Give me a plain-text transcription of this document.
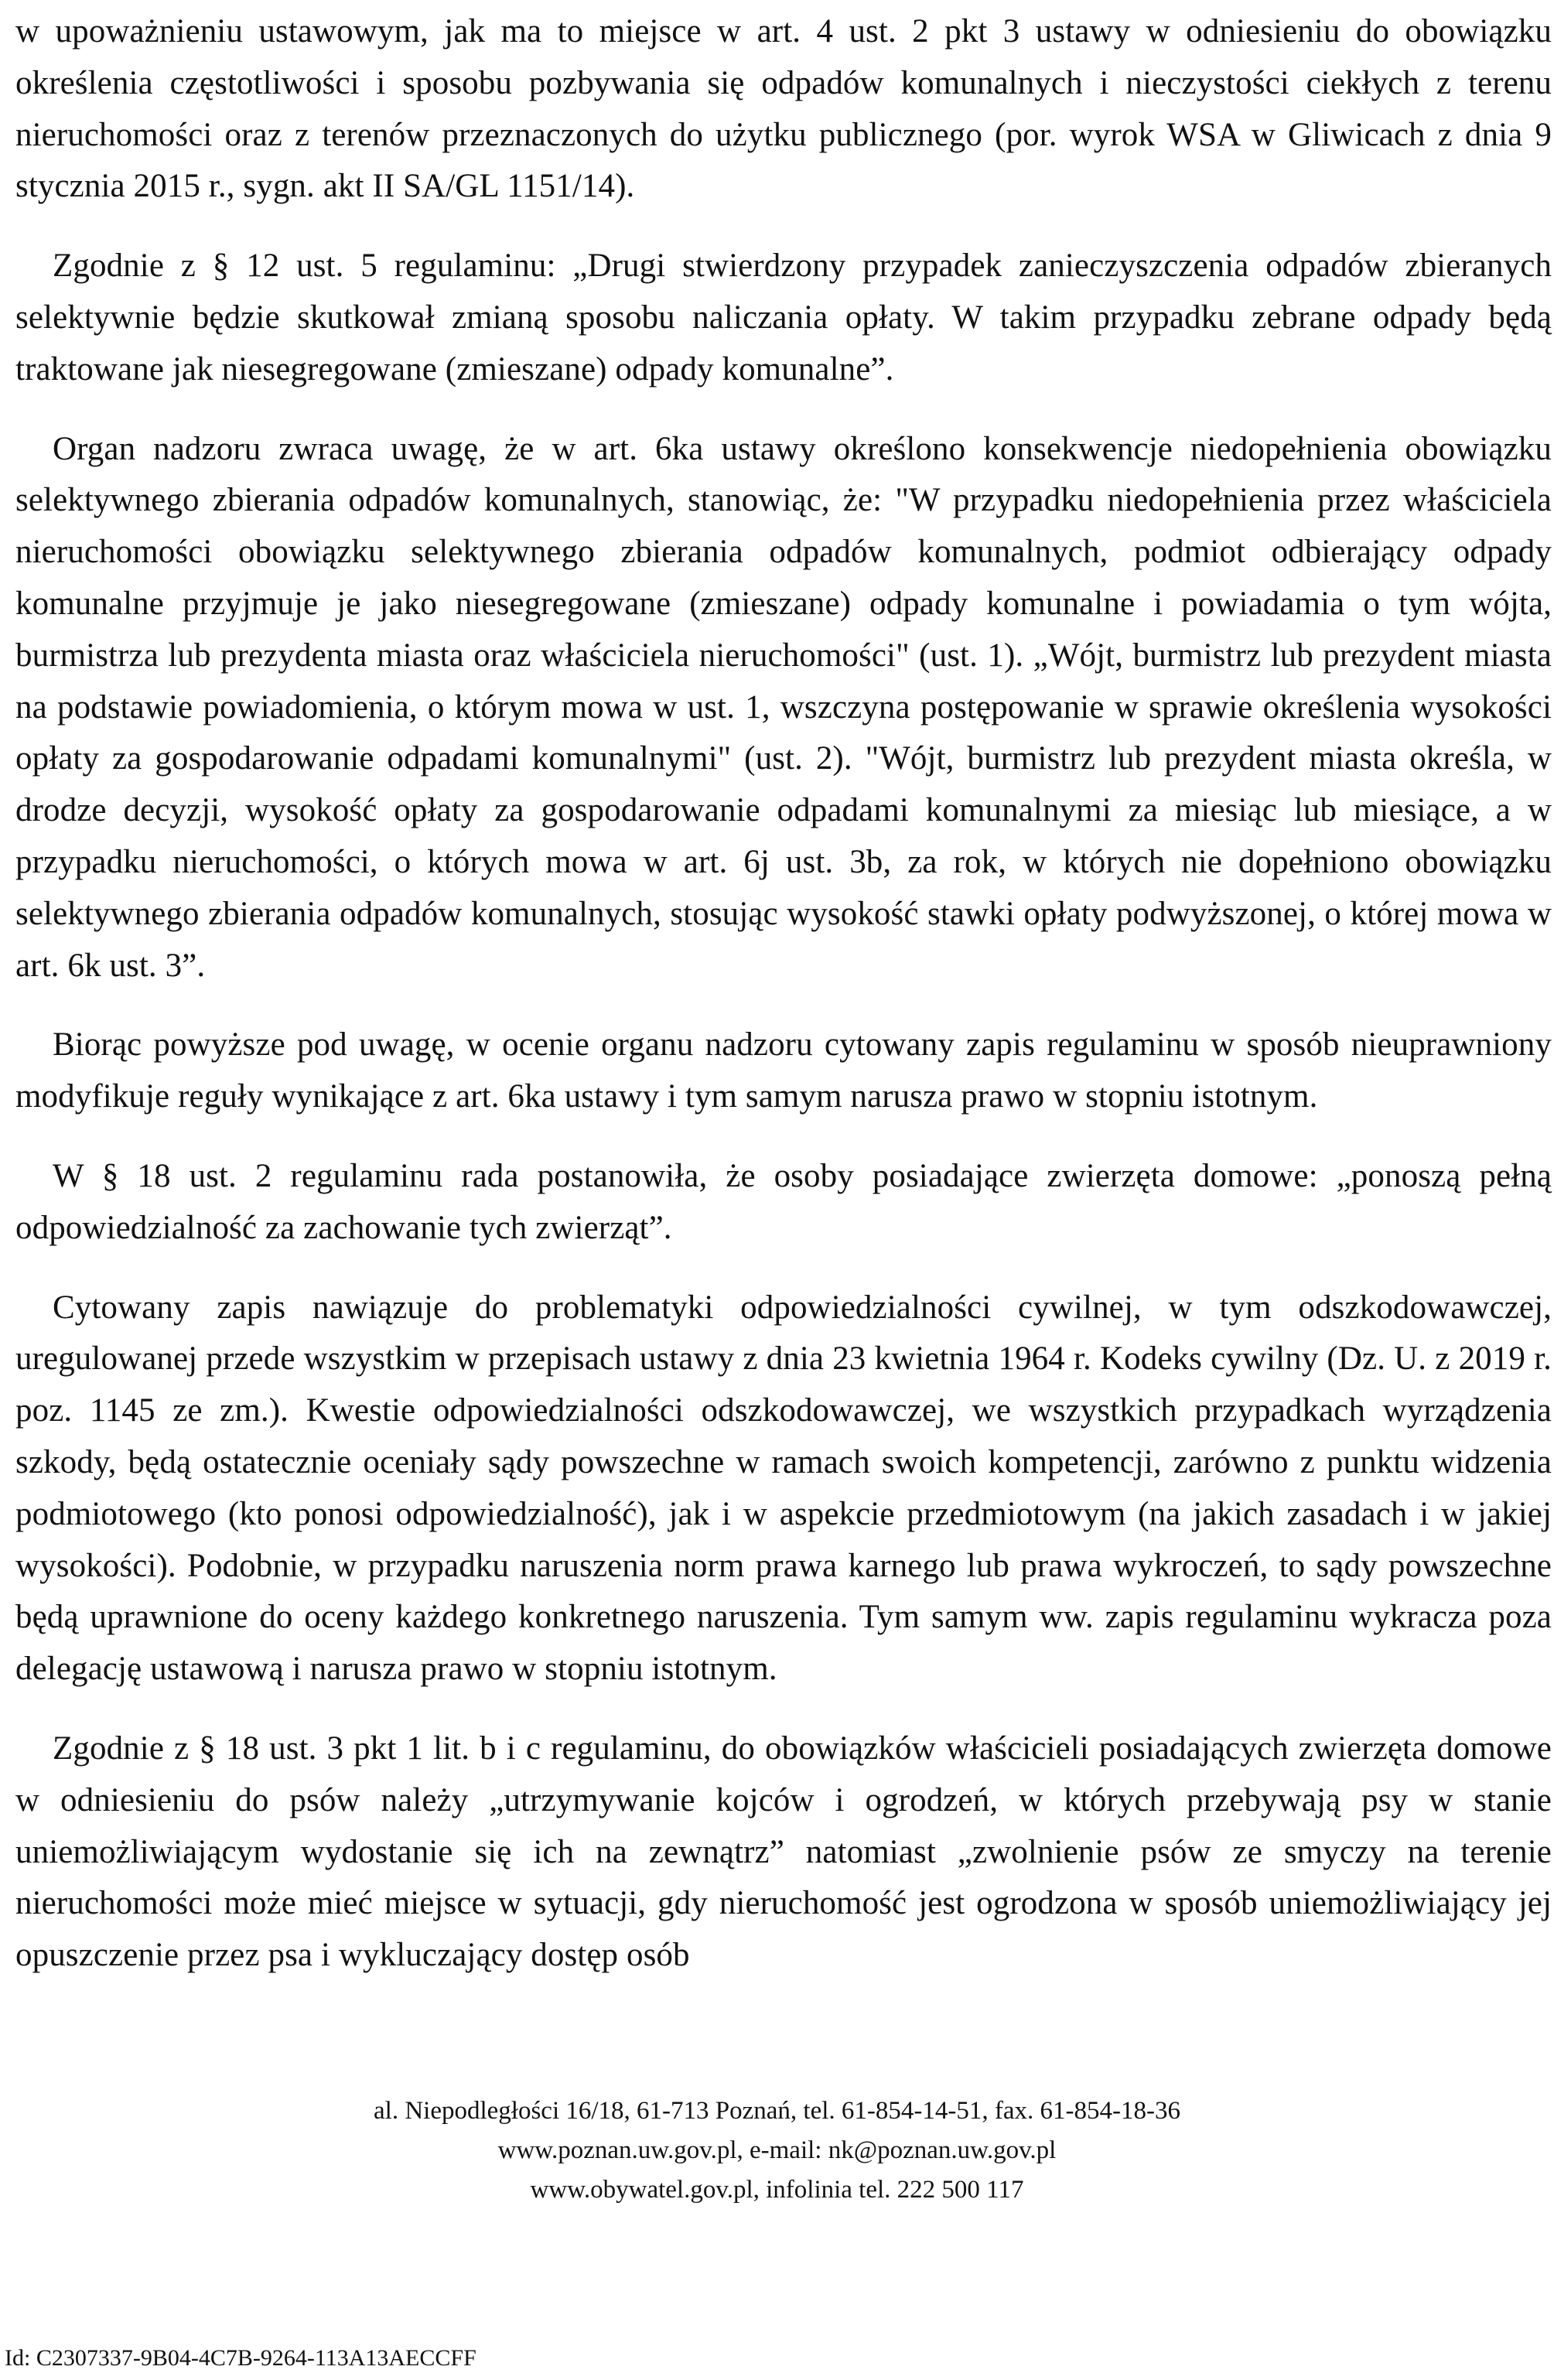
w upoważnieniu ustawowym, jak ma to miejsce w art. 4 ust. 2 pkt 3 ustawy w odniesieniu do obowiązku określenia częstotliwości i sposobu pozbywania się odpadów komunalnych i nieczystości ciekłych z terenu nieruchomości oraz z terenów przeznaczonych do użytku publicznego (por. wyrok WSA w Gliwicach z dnia 9 stycznia 2015 r., sygn. akt II SA/GL 1151/14).

Zgodnie z § 12 ust. 5 regulaminu: „Drugi stwierdzony przypadek zanieczyszczenia odpadów zbieranych selektywnie będzie skutkował zmianą sposobu naliczania opłaty. W takim przypadku zebrane odpady będą traktowane jak niesegregowane (zmieszane) odpady komunalne”.

Organ nadzoru zwraca uwagę, że w art. 6ka ustawy określono konsekwencje niedopełnienia obowiązku selektywnego zbierania odpadów komunalnych, stanowiąc, że: "W przypadku niedopełnienia przez właściciela nieruchomości obowiązku selektywnego zbierania odpadów komunalnych, podmiot odbierający odpady komunalne przyjmuje je jako niesegregowane (zmieszane) odpady komunalne i powiadamia o tym wójta, burmistrza lub prezydenta miasta oraz właściciela nieruchomości" (ust. 1). „Wójt, burmistrz lub prezydent miasta na podstawie powiadomienia, o którym mowa w ust. 1, wszczyna postępowanie w sprawie określenia wysokości opłaty za gospodarowanie odpadami komunalnymi" (ust. 2). "Wójt, burmistrz lub prezydent miasta określa, w drodze decyzji, wysokość opłaty za gospodarowanie odpadami komunalnymi za miesiąc lub miesiące, a w przypadku nieruchomości, o których mowa w art. 6j ust. 3b, za rok, w których nie dopełniono obowiązku selektywnego zbierania odpadów komunalnych, stosując wysokość stawki opłaty podwyższonej, o której mowa w art. 6k ust. 3”.

Biorąc powyższe pod uwagę, w ocenie organu nadzoru cytowany zapis regulaminu w sposób nieuprawniony modyfikuje reguły wynikające z art. 6ka ustawy i tym samym narusza prawo w stopniu istotnym.

W § 18 ust. 2 regulaminu rada postanowiła, że osoby posiadające zwierzęta domowe: „ponoszą pełną odpowiedzialność za zachowanie tych zwierząt”.

Cytowany zapis nawiązuje do problematyki odpowiedzialności cywilnej, w tym odszkodowawczej, uregulowanej przede wszystkim w przepisach ustawy z dnia 23 kwietnia 1964 r. Kodeks cywilny (Dz. U. z 2019 r. poz. 1145 ze zm.). Kwestie odpowiedzialności odszkodowawczej, we wszystkich przypadkach wyrządzenia szkody, będą ostatecznie oceniały sądy powszechne w ramach swoich kompetencji, zarówno z punktu widzenia podmiotowego (kto ponosi odpowiedzialność), jak i w aspekcie przedmiotowym (na jakich zasadach i w jakiej wysokości). Podobnie, w przypadku naruszenia norm prawa karnego lub prawa wykroczeń, to sądy powszechne będą uprawnione do oceny każdego konkretnego naruszenia. Tym samym ww. zapis regulaminu wykracza poza delegację ustawową i narusza prawo w stopniu istotnym.

Zgodnie z § 18 ust. 3 pkt 1 lit. b i c regulaminu, do obowiązków właścicieli posiadających zwierzęta domowe w odniesieniu do psów należy „utrzymywanie kojców i ogrodzeń, w których przebywają psy w stanie uniemożliwiającym wydostanie się ich na zewnątrz” natomiast „zwolnienie psów ze smyczy na terenie nieruchomości może mieć miejsce w sytuacji, gdy nieruchomość jest ogrodzona w sposób uniemożliwiający jej opuszczenie przez psa i wykluczający dostęp osób

al. Niepodległości 16/18, 61-713 Poznań, tel. 61-854-14-51, fax. 61-854-18-36

www.poznan.uw.gov.pl, e-mail: nk@poznan.uw.gov.pl

www.obywatel.gov.pl, infolinia tel. 222 500 117

Id: C2307337-9B04-4C7B-9264-113A13AECCFF
